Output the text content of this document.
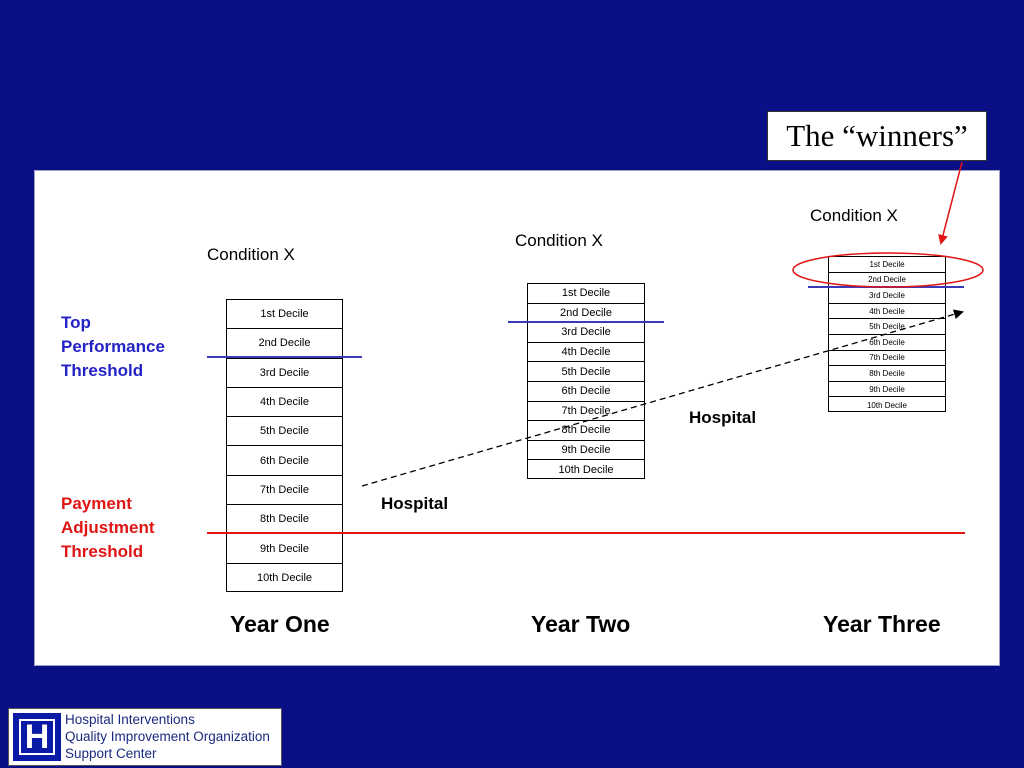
The “winners”
Condition X
Condition X
Condition X
Top
Performance
Threshold
Payment
Adjustment
Threshold
1st Decile
2nd Decile
3rd Decile
4th Decile
5th Decile
6th Decile
7th Decile
8th Decile
9th Decile
10th Decile
1st Decile
2nd Decile
3rd Decile
4th Decile
5th Decile
6th Decile
7th Decile
8th Decile
9th Decile
10th Decile
1st Decile
2nd Decile
3rd Decile
4th Decile
5th Decile
6th Decile
7th Decile
8th Decile
9th Decile
10th Decile
Hospital
Hospital
Year One	Year Two	Year Three
H	Hospital Interventions
Quality Improvement Organization
Support Center
